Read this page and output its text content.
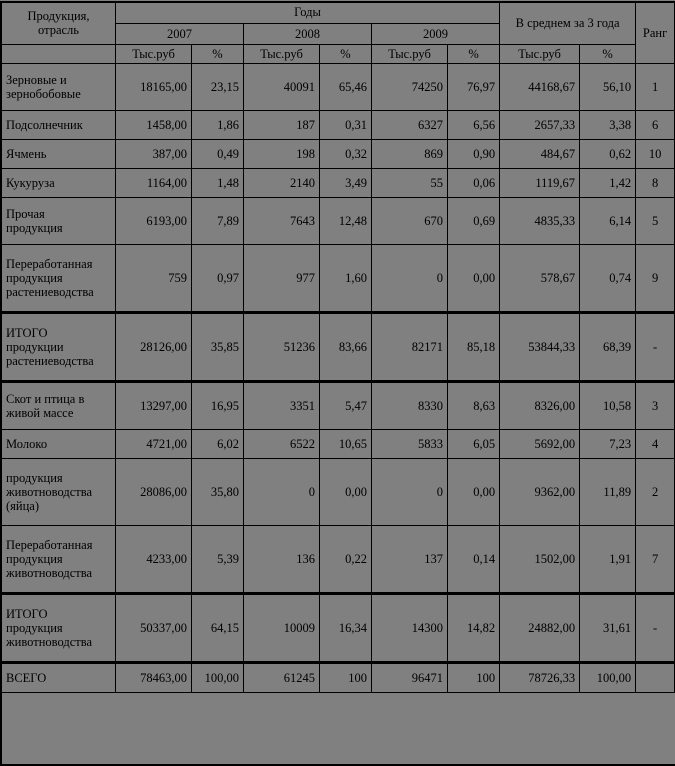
Продукция,
отрасль	Годы						В среднем за 3 года		Ранг
	2007		2008		2009				
	Тыс.руб	%	Тыс.руб	%	Тыс.руб	%	Тыс.руб	%	

Зерновые и
зернобобовые	18165,00	23,15	40091	65,46	74250	76,97	44168,67	56,10	1

Подсолнечник	1458,00	1,86	187	0,31	6327	6,56	2657,33	3,38	6

Ячмень	387,00	0,49	198	0,32	869	0,90	484,67	0,62	10

Кукуруза	1164,00	1,48	2140	3,49	55	0,06	1119,67	1,42	8

Прочая
продукция	6193,00	7,89	7643	12,48	670	0,69	4835,33	6,14	5

Переработанная
продукция
растениеводства	759	0,97	977	1,60	0	0,00	578,67	0,74	9

ИТОГО
продукции
растениеводства	28126,00	35,85	51236	83,66	82171	85,18	53844,33	68,39	-

Скот и птица в
живой массе	13297,00	16,95	3351	5,47	8330	8,63	8326,00	10,58	3

Молоко	4721,00	6,02	6522	10,65	5833	6,05	5692,00	7,23	4

продукция
животноводства
(яйца)	28086,00	35,80	0	0,00	0	0,00	9362,00	11,89	2

Переработанная
продукция
животноводства	4233,00	5,39	136	0,22	137	0,14	1502,00	1,91	7

ИТОГО
продукция
животноводства	50337,00	64,15	10009	16,34	14300	14,82	24882,00	31,61	-

ВСЕГО	78463,00	100,00	61245	100	96471	100	78726,33	100,00	
